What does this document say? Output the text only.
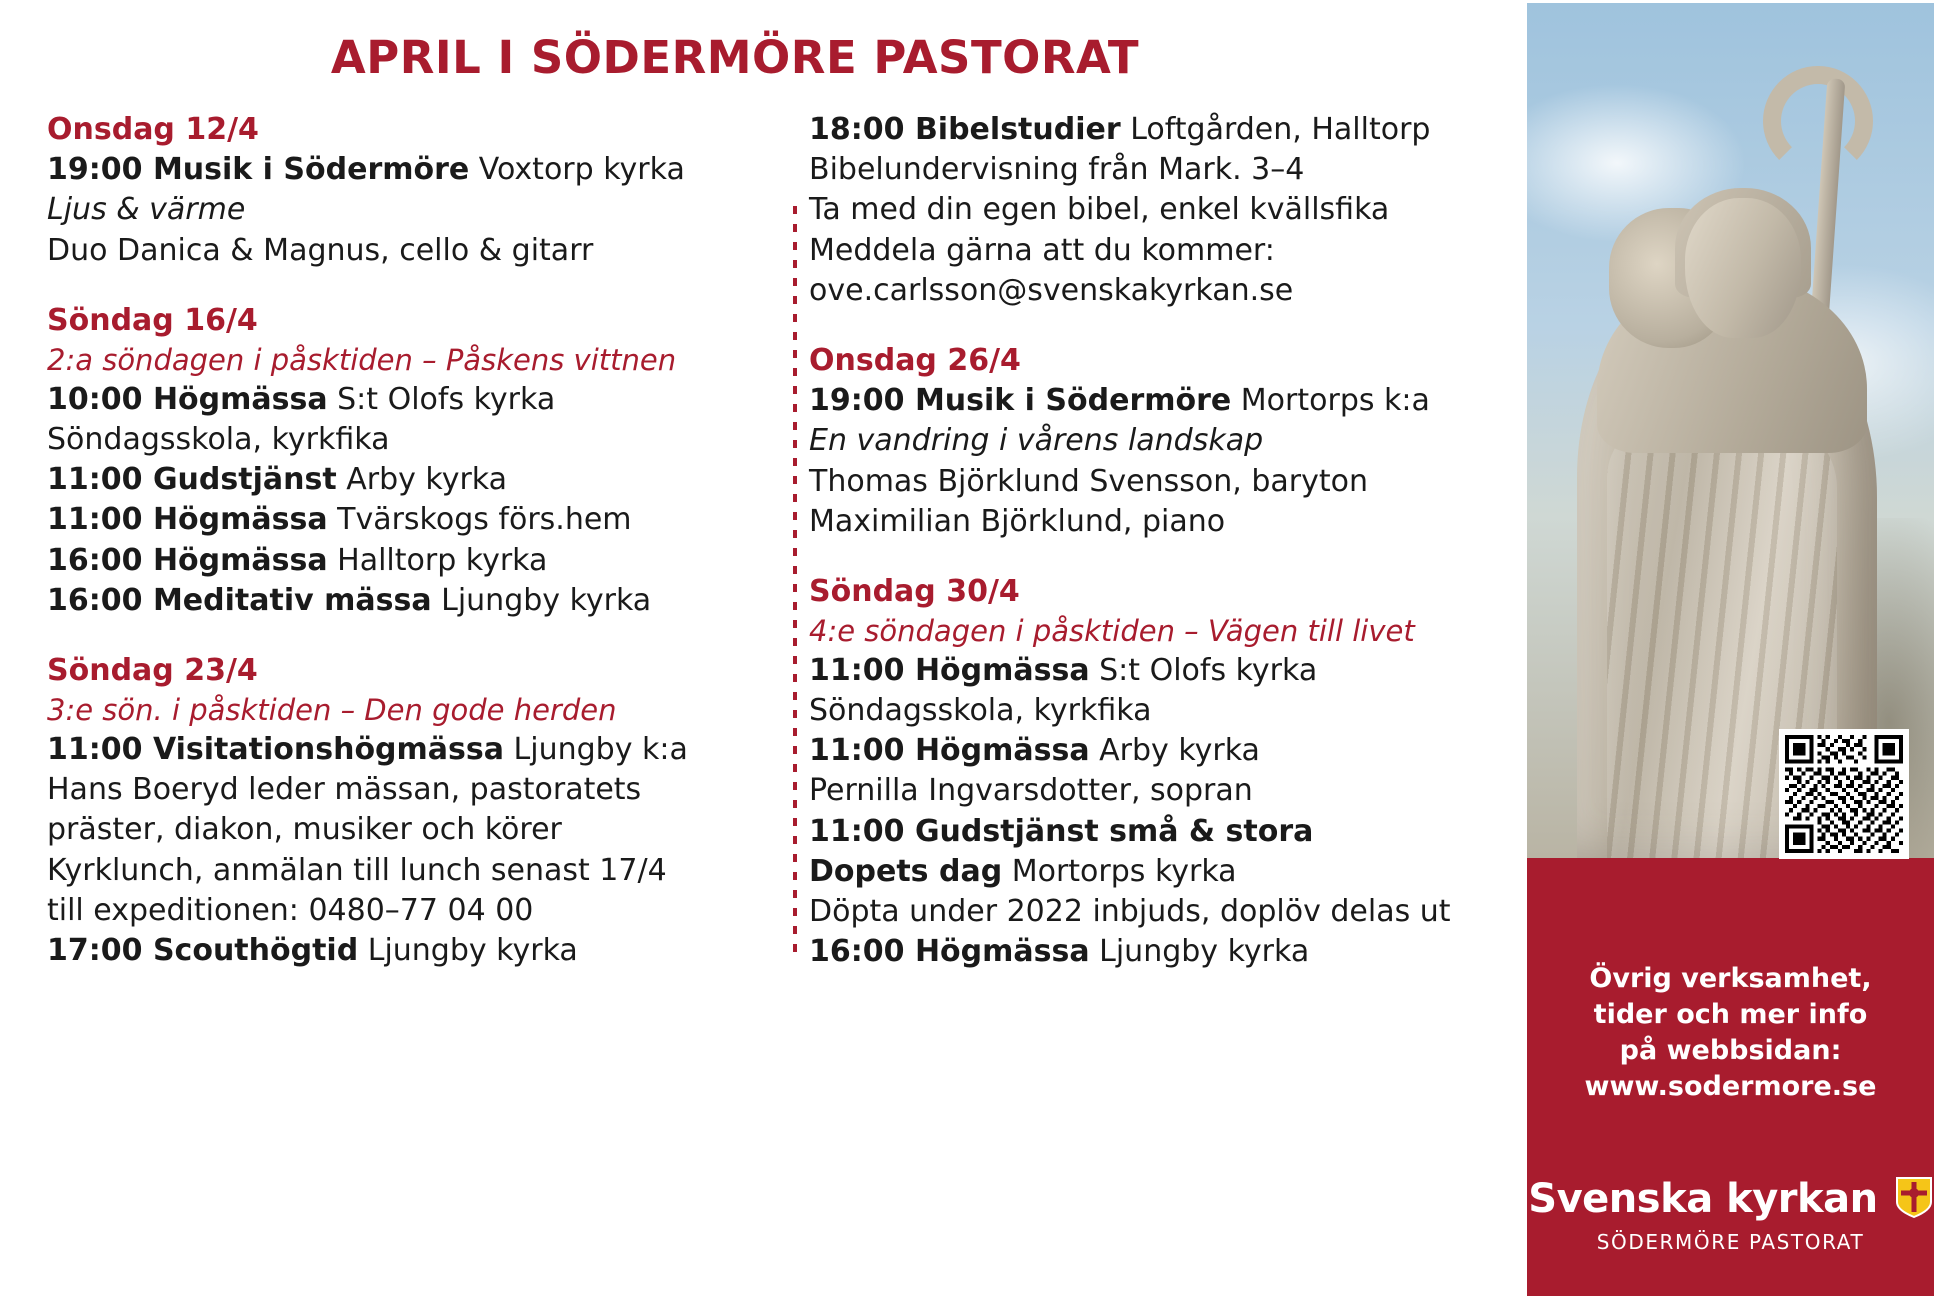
APRIL I SÖDERMÖRE PASTORAT
Onsdag 12/4
19:00 Musik i Södermöre Voxtorp kyrka
Ljus & värme
Duo Danica & Magnus, cello & gitarr
Söndag 16/4
2:a söndagen i påsktiden – Påskens vittnen
10:00 Högmässa S:t Olofs kyrka
Söndagsskola, kyrkfika
11:00 Gudstjänst Arby kyrka
11:00 Högmässa Tvärskogs förs.hem
16:00 Högmässa Halltorp kyrka
16:00 Meditativ mässa Ljungby kyrka
Söndag 23/4
3:e sön. i påsktiden – Den gode herden
11:00 Visitationshögmässa Ljungby k:a
Hans Boeryd leder mässan, pastoratets
präster, diakon, musiker och körer
Kyrklunch, anmälan till lunch senast 17/4
till expeditionen: 0480–77 04 00
17:00 Scouthögtid Ljungby kyrka
18:00 Bibelstudier Loftgården, Halltorp
Bibelundervisning från Mark. 3–4
Ta med din egen bibel, enkel kvällsfika
Meddela gärna att du kommer:
ove.carlsson@svenskakyrkan.se
Onsdag 26/4
19:00 Musik i Södermöre Mortorps k:a
En vandring i vårens landskap
Thomas Björklund Svensson, baryton
Maximilian Björklund, piano
Söndag 30/4
4:e söndagen i påsktiden – Vägen till livet
11:00 Högmässa S:t Olofs kyrka
Söndagsskola, kyrkfika
11:00 Högmässa Arby kyrka
Pernilla Ingvarsdotter, sopran
11:00 Gudstjänst små & stora
Dopets dag Mortorps kyrka
Döpta under 2022 inbjuds, doplöv delas ut
16:00 Högmässa Ljungby kyrka
Övrig verksamhet,
tider och mer info
på webbsidan:
www.sodermore.se
Svenska kyrkan
SÖDERMÖRE PASTORAT
